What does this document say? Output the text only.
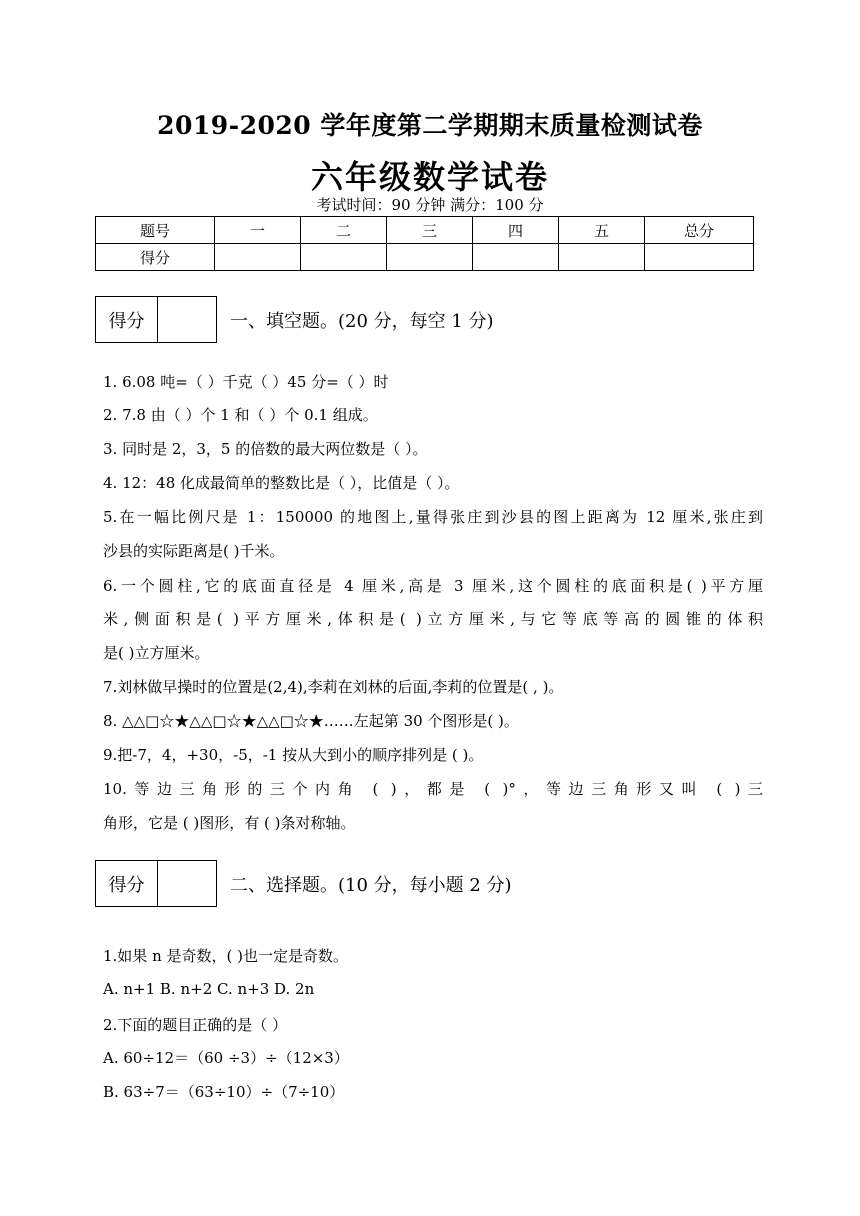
2019-2020 学年度第二学期期末质量检测试卷
六年级数学试卷
考试时间：90 分钟 满分：100 分
题号	一	二	三	四	五	总分
得分						
得分	一、填空题。(20 分，每空 1 分)
1. 6.08 吨=（ ）千克（ ）45 分=（ ）时
2. 7.8 由（ ）个 1 和（ ）个 0.1 组成。
3. 同时是 2，3，5 的倍数的最大两位数是（ ）。
4. 12：48 化成最简单的整数比是（ ），比值是（ ）。
5.在一幅比例尺是 1：150000 的地图上,量得张庄到沙县的图上距离为 12 厘米,张庄到
沙县的实际距离是( )千米。
6.一个圆柱,它的底面直径是 4 厘米,高是 3 厘米,这个圆柱的底面积是( )平方厘
米,侧面积是( )平方厘米,体积是( )立方厘米,与它等底等高的圆锥的体积
是( )立方厘米。
7.刘林做早操时的位置是(2,4),李莉在刘林的后面,李莉的位置是( , )。
8. △△□☆★△△□☆★△△□☆★……左起第 30 个图形是( )。
9.把-7，4，+30，-5，-1 按从大到小的顺序排列是 ( )。
10.等边三角形的三个内角 ( )，都是 ( )°，等边三角形又叫 ( )三
角形，它是 ( )图形，有 ( )条对称轴。
得分	二、选择题。(10 分，每小题 2 分)
1.如果 n 是奇数，( )也一定是奇数。
A. n+1 B. n+2 C. n+3 D. 2n
2.下面的题目正确的是（ ）
A. 60÷12＝（60 ÷3）÷（12×3）
B. 63÷7＝（63÷10）÷（7÷10）
